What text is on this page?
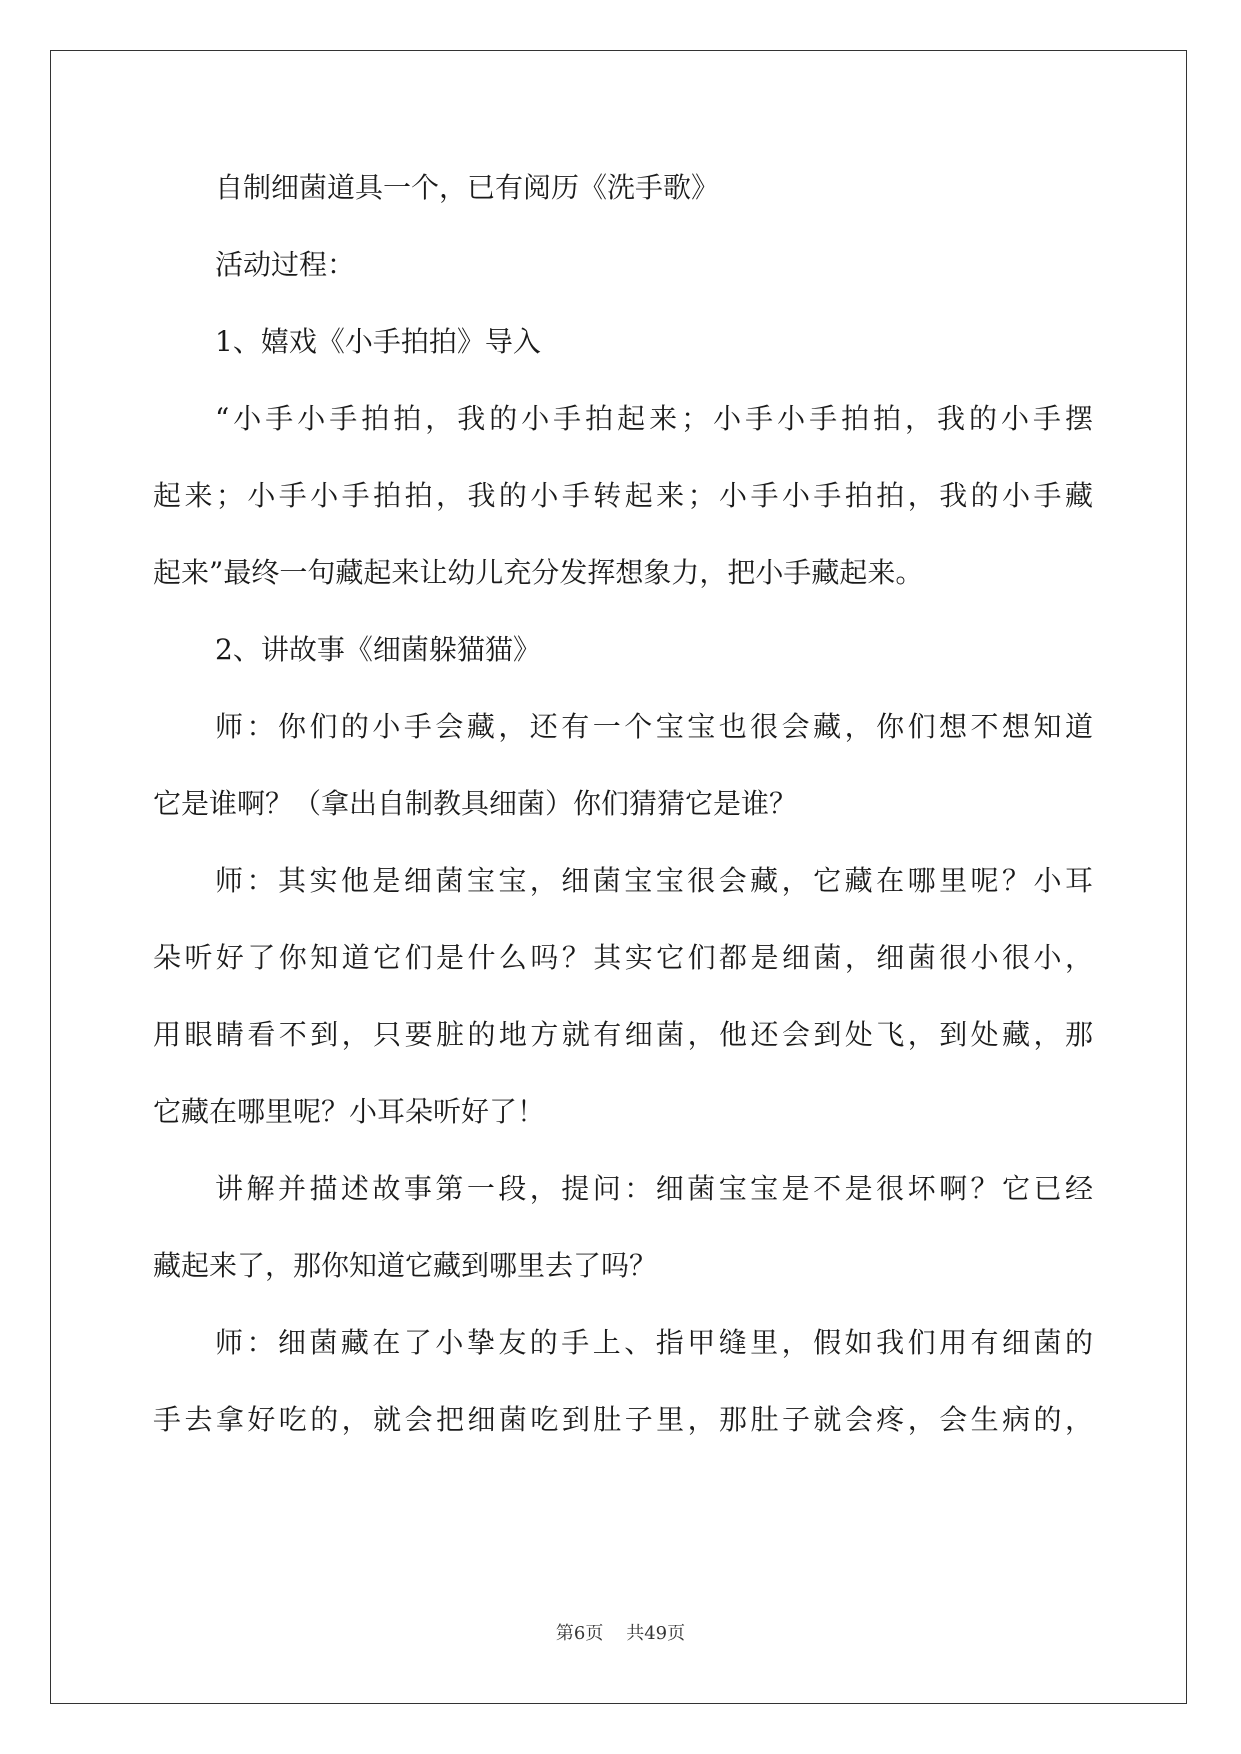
自制细菌道具一个，已有阅历《洗手歌》
活动过程：
1、嬉戏《小手拍拍》导入
“小手小手拍拍，我的小手拍起来；小手小手拍拍，我的小手摆
起来；小手小手拍拍，我的小手转起来；小手小手拍拍，我的小手藏
起来”最终一句藏起来让幼儿充分发挥想象力，把小手藏起来。
2、讲故事《细菌躲猫猫》
师：你们的小手会藏，还有一个宝宝也很会藏，你们想不想知道
它是谁啊？（拿出自制教具细菌）你们猜猜它是谁？
师：其实他是细菌宝宝，细菌宝宝很会藏，它藏在哪里呢？小耳
朵听好了你知道它们是什么吗？其实它们都是细菌，细菌很小很小，
用眼睛看不到，只要脏的地方就有细菌，他还会到处飞，到处藏，那
它藏在哪里呢？小耳朵听好了！
讲解并描述故事第一段，提问：细菌宝宝是不是很坏啊？它已经
藏起来了，那你知道它藏到哪里去了吗？
师：细菌藏在了小挚友的手上、指甲缝里，假如我们用有细菌的
手去拿好吃的，就会把细菌吃到肚子里，那肚子就会疼，会生病的，
第6页 共49页
